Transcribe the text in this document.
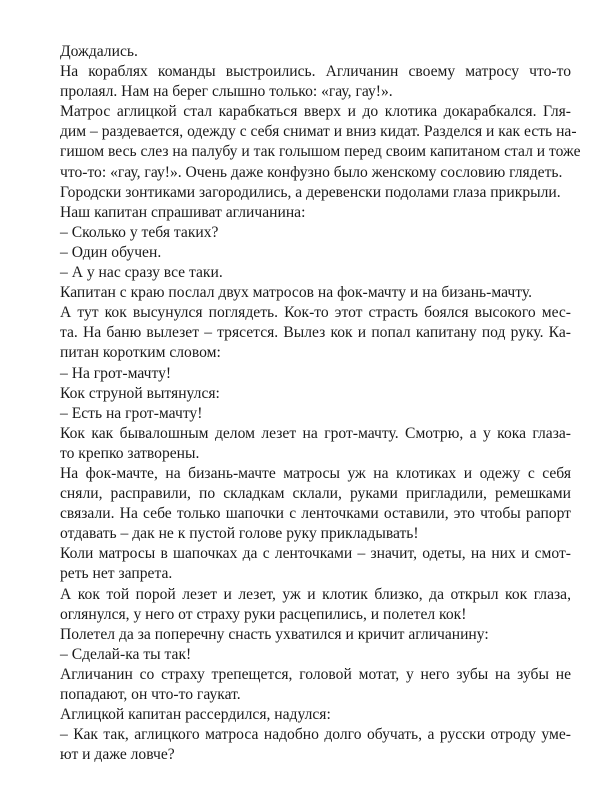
Дождались.
На кораблях команды выстроились. Агличанин своему матросу что-то
пролаял. Нам на берег слышно только: «гау, гау!».
Матрос аглицкой стал карабкаться вверх и до клотика докарабкался. Гля-
дим – раздевается, одежду с себя снимат и вниз кидат. Разделся и как есть на-
гишом весь слез на палубу и так голышом перед своим капитаном стал и тоже
что-то: «гау, гау!». Очень даже конфузно было женскому сословию глядеть.
Городски зонтиками загородились, а деревенски подолами глаза прикрыли.
Наш капитан спрашиват агличанина:
– Сколько у тебя таких?
– Один обучен.
– А у нас сразу все таки.
Капитан с краю послал двух матросов на фок-мачту и на бизань-мачту.
А тут кок высунулся поглядеть. Кок-то этот страсть боялся высокого мес-
та. На баню вылезет – трясется. Вылез кок и попал капитану под руку. Ка-
питан коротким словом:
– На грот-мачту!
Кок струной вытянулся:
– Есть на грот-мачту!
Кок как бывалошным делом лезет на грот-мачту. Смотрю, а у кока глаза-
то крепко затворены.
На фок-мачте, на бизань-мачте матросы уж на клотиках и одежу с себя
сняли, расправили, по складкам склали, руками пригладили, ремешками
связали. На себе только шапочки с ленточками оставили, это чтобы рапорт
отдавать – дак не к пустой голове руку прикладывать!
Коли матросы в шапочках да с ленточками – значит, одеты, на них и смот-
реть нет запрета.
А кок той порой лезет и лезет, уж и клотик близко, да открыл кок глаза,
оглянулся, у него от страху руки расцепились, и полетел кок!
Полетел да за поперечну снасть ухватился и кричит агличанину:
– Сделай-ка ты так!
Агличанин со страху трепещется, головой мотат, у него зубы на зубы не
попадают, он что-то гаукат.
Аглицкой капитан рассердился, надулся:
– Как так, аглицкого матроса надобно долго обучать, а русски отроду уме-
ют и даже ловче?
